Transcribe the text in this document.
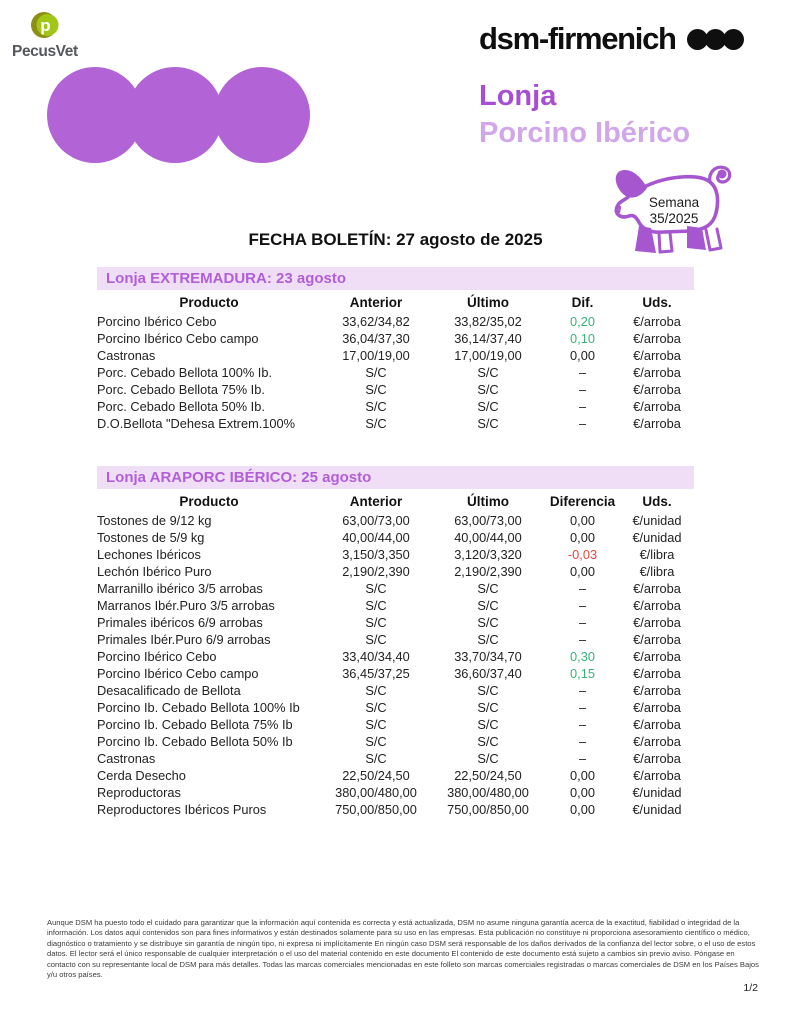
p
PecusVet	dsm-firmenich
Lonja
Porcino Ibérico
Semana
35/2025
FECHA BOLETÍN: 27 agosto de 2025
Lonja EXTREMADURA: 23 agosto
Producto	Anterior	Último	Dif.	Uds.
Porcino Ibérico Cebo	33,62/34,82	33,82/35,02	0,20	€/arroba
Porcino Ibérico Cebo campo	36,04/37,30	36,14/37,40	0,10	€/arroba
Castronas	17,00/19,00	17,00/19,00	0,00	€/arroba
Porc. Cebado Bellota 100% Ib.	S/C	S/C	–	€/arroba
Porc. Cebado Bellota 75% Ib.	S/C	S/C	–	€/arroba
Porc. Cebado Bellota 50% Ib.	S/C	S/C	–	€/arroba
D.O.Bellota "Dehesa Extrem.100%	S/C	S/C	–	€/arroba
Lonja ARAPORC IBÉRICO: 25 agosto
Producto	Anterior	Último	Diferencia	Uds.
Tostones de 9/12 kg	63,00/73,00	63,00/73,00	0,00	€/unidad
Tostones de 5/9 kg	40,00/44,00	40,00/44,00	0,00	€/unidad
Lechones Ibéricos	3,150/3,350	3,120/3,320	-0,03	€/libra
Lechón Ibérico Puro	2,190/2,390	2,190/2,390	0,00	€/libra
Marranillo ibérico 3/5 arrobas	S/C	S/C	–	€/arroba
Marranos Ibér.Puro 3/5 arrobas	S/C	S/C	–	€/arroba
Primales ibéricos 6/9 arrobas	S/C	S/C	–	€/arroba
Primales Ibér.Puro 6/9 arrobas	S/C	S/C	–	€/arroba
Porcino Ibérico Cebo	33,40/34,40	33,70/34,70	0,30	€/arroba
Porcino Ibérico Cebo campo	36,45/37,25	36,60/37,40	0,15	€/arroba
Desacalificado de Bellota	S/C	S/C	–	€/arroba
Porcino Ib. Cebado Bellota 100% Ib	S/C	S/C	–	€/arroba
Porcino Ib. Cebado Bellota 75% Ib	S/C	S/C	–	€/arroba
Porcino Ib. Cebado Bellota 50% Ib	S/C	S/C	–	€/arroba
Castronas	S/C	S/C	–	€/arroba
Cerda Desecho	22,50/24,50	22,50/24,50	0,00	€/arroba
Reproductoras	380,00/480,00	380,00/480,00	0,00	€/unidad
Reproductores Ibéricos Puros	750,00/850,00	750,00/850,00	0,00	€/unidad
Aunque DSM ha puesto todo el cuidado para garantizar que la información aquí contenida es correcta y está actualizada, DSM no asume ninguna garantía acerca de la exactitud, fiabilidad o integridad de la información. Los datos aquí contenidos son para fines informativos y están destinados solamente para su uso en las empresas. Esta publicación no constituye ni proporciona asesoramiento científico o médico, diagnóstico o tratamiento y se distribuye sin garantía de ningún tipo, ni expresa ni implícitamente En ningún caso DSM será responsable de los daños derivados de la confianza del lector sobre, o el uso de estos datos. El lector será el único responsable de cualquier interpretación o el uso del material contenido en este documento El contenido de este documento está sujeto a cambios sin previo aviso. Póngase en contacto con su representante local de DSM para más detalles. Todas las marcas comerciales mencionadas en este folleto son marcas comerciales registradas o marcas comerciales de DSM en los Países Bajos y/u otros países.
1/2
